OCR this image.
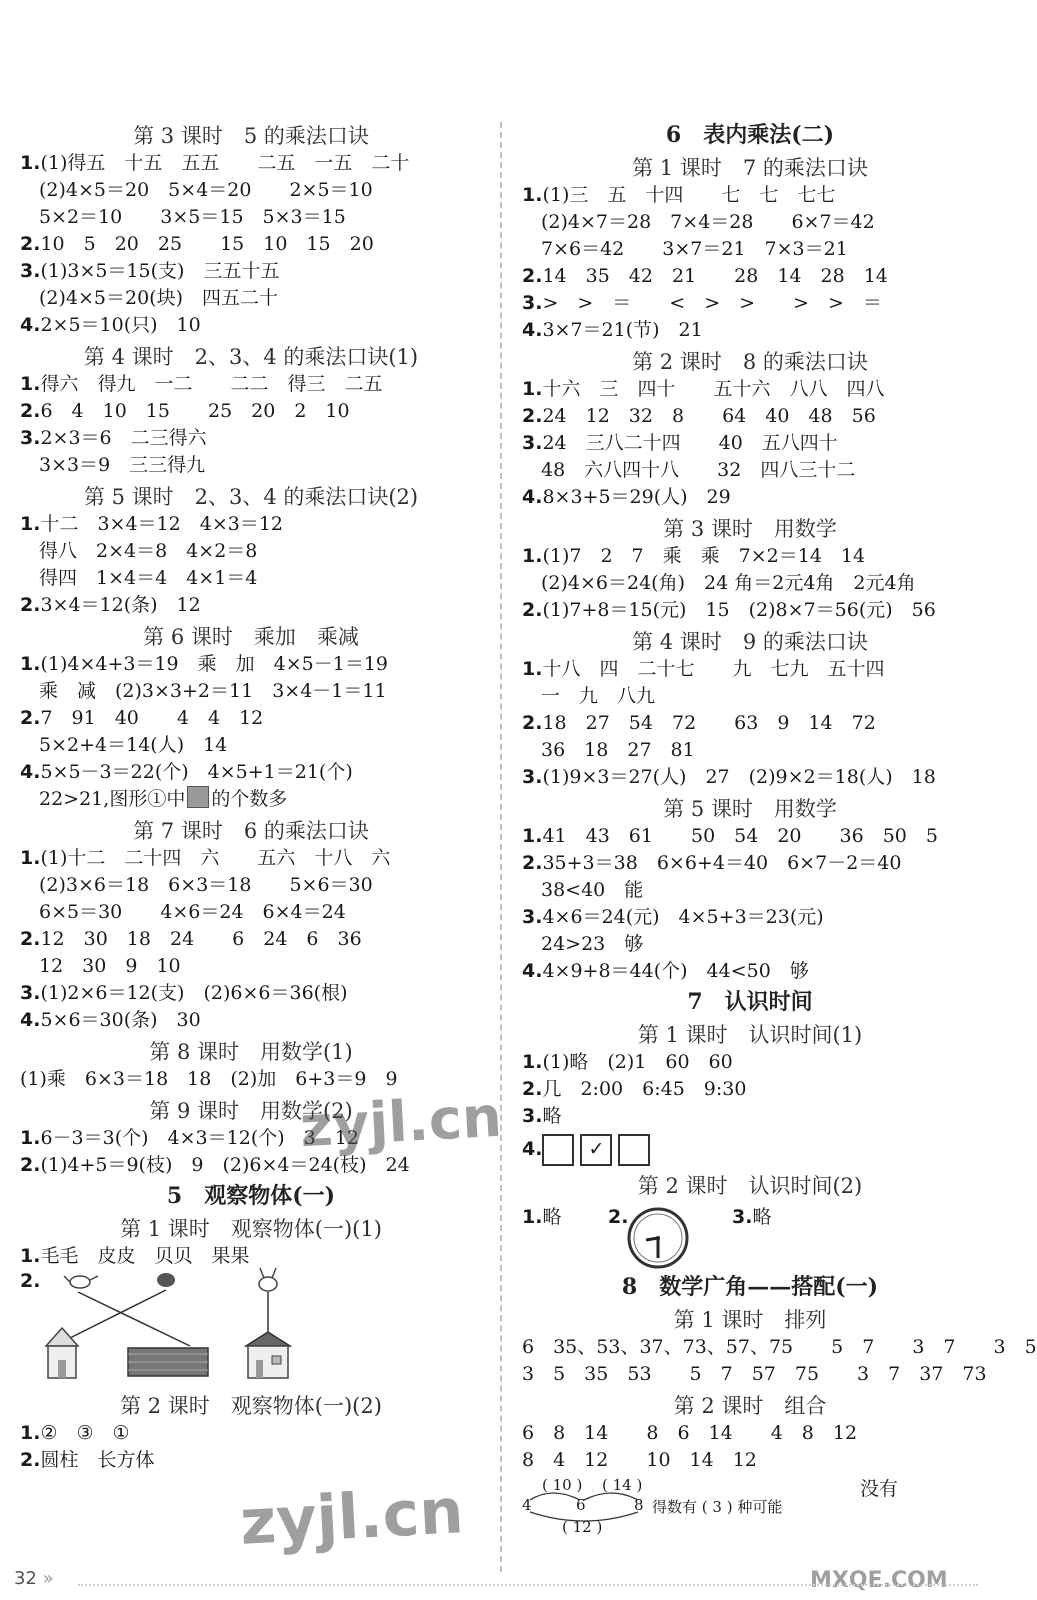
第 3 课时　5 的乘法口诀
1.(1)得五　十五　五五　　二五　一五　二十
　(2)4×5＝20　5×4＝20　　2×5＝10
　5×2＝10　　3×5＝15　5×3＝15
2.10　5　20　25　　15　10　15　20
3.(1)3×5＝15(支)　三五十五
　(2)4×5＝20(块)　四五二十
4.2×5＝10(只)　10
第 4 课时　2、3、4 的乘法口诀(1)
1.得六　得九　一二　　二二　得三　二五
2.6　4　10　15　　25　20　2　10
3.2×3＝6　二三得六
　3×3＝9　三三得九
第 5 课时　2、3、4 的乘法口诀(2)
1.十二　3×4＝12　4×3＝12
　得八　2×4＝8　4×2＝8
　得四　1×4＝4　4×1＝4
2.3×4＝12(条)　12
第 6 课时　乘加　乘减
1.(1)4×4+3＝19　乘　加　4×5－1＝19
　乘　减　(2)3×3+2＝11　3×4－1＝11
2.7　91　40　　4　4　12
　5×2+4＝14(人)　14
4.5×5－3＝22(个)　4×5+1＝21(个)
　22>21,图形①中 的个数多
第 7 课时　6 的乘法口诀
1.(1)十二　二十四　六　　五六　十八　六
　(2)3×6＝18　6×3＝18　　5×6＝30
　6×5＝30　　4×6＝24　6×4＝24
2.12　30　18　24　　6　24　6　36
　12　30　9　10
3.(1)2×6＝12(支)　(2)6×6＝36(根)
4.5×6＝30(条)　30
第 8 课时　用数学(1)
(1)乘　6×3＝18　18　(2)加　6+3＝9　9
第 9 课时　用数学(2)
1.6－3＝3(个)　4×3＝12(个)　3　12
2.(1)4+5＝9(枝)　9　(2)6×4＝24(枝)　24
5　观察物体(一)
第 1 课时　观察物体(一)(1)
1.毛毛　皮皮　贝贝　果果
2.
第 2 课时　观察物体(一)(2)
1.②　③　①
2.圆柱　长方体
6　表内乘法(二)
第 1 课时　7 的乘法口诀
1.(1)三　五　十四　　七　七　七七
　(2)4×7＝28　7×4＝28　　6×7＝42
　7×6＝42　　3×7＝21　7×3＝21
2.14　35　42　21　　28　14　28　14
3.>　>　＝　　<　>　>　　>　>　＝
4.3×7＝21(节)　21
第 2 课时　8 的乘法口诀
1.十六　三　四十　　五十六　八八　四八
2.24　12　32　8　　64　40　48　56
3.24　三八二十四　　40　五八四十
　48　六八四十八　　32　四八三十二
4.8×3+5＝29(人)　29
第 3 课时　用数学
1.(1)7　2　7　乘　乘　7×2＝14　14
　(2)4×6＝24(角)　24 角＝2元4角　2元4角
2.(1)7+8＝15(元)　15　(2)8×7＝56(元)　56
第 4 课时　9 的乘法口诀
1.十八　四　二十七　　九　七九　五十四
　一　九　八九
2.18　27　54　72　　63　9　14　72
　36　18　27　81
3.(1)9×3＝27(人)　27　(2)9×2＝18(人)　18
第 5 课时　用数学
1.41　43　61　　50　54　20　　36　50　5
2.35+3＝38　6×6+4＝40　6×7－2＝40
　38<40　能
3.4×6＝24(元)　4×5+3＝23(元)
　24>23　够
4.4×9+8＝44(个)　44<50　够
7　认识时间
第 1 课时　认识时间(1)
1.(1)略　(2)1　60　60
2.几　2:00　6:45　9:30
3.略
4. ✓
第 2 课时　认识时间(2)
1.略 2.	3.略
8　数学广角——搭配(一)
第 1 课时　排列
6　35、53、37、73、57、75　　5　7　　3　7　　3　5
3　5　35　53　　5　7　57　75　　3　7　37　73
第 2 课时　组合
6　8　14　　8　6　14　　4　8　12
8　4　12　　10　14　12
( 10 ) ( 14 )	没有
4	6	8 得数有 ( 3 ) 种可能
( 12 )
zyjl.cn
zyjl.cn
MXQE.COM
32 »
